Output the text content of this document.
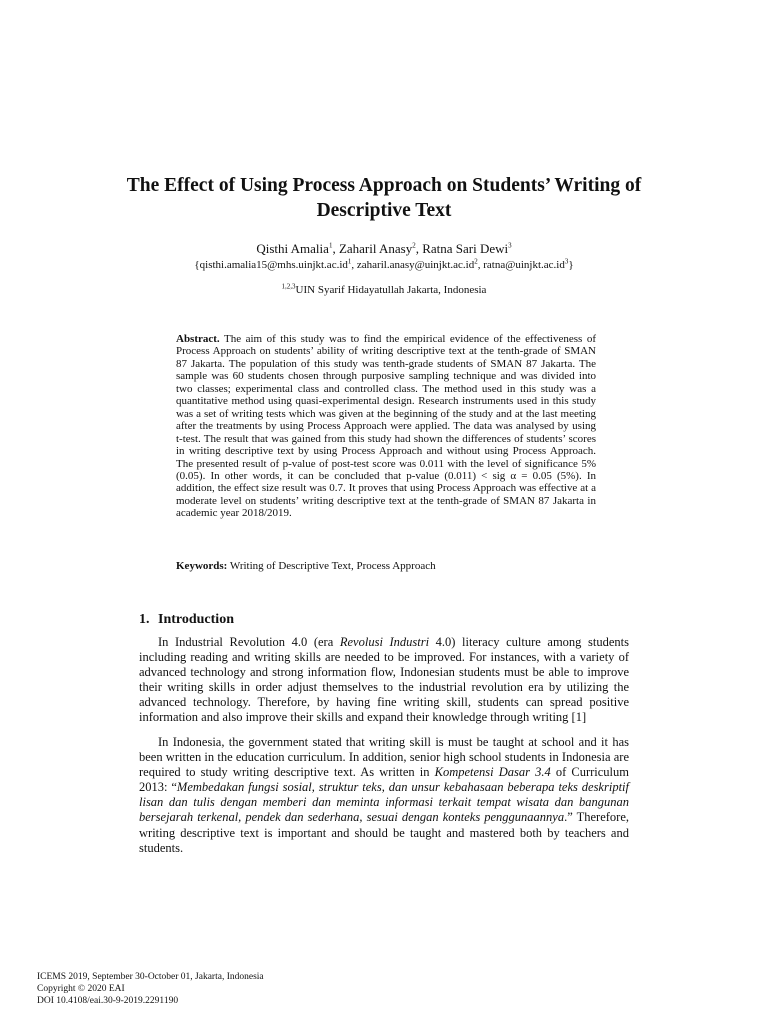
The Effect of Using Process Approach on Students’ Writing of
Descriptive Text
Qisthi Amalia$^1$, Zaharil Anasy$^2$, Ratna Sari Dewi$^3$
{$qisthi.amalia15@mhs.uinjkt.ac.id^1$, $zaharil.anasy@uinjkt.ac.id^2$, $ratna@uinjkt.ac.id^3$}
$^{1,2,3}$UIN Syarif Hidayatullah Jakarta, Indonesia
Abstract. The aim of this study was to find the empirical evidence of the effectiveness of Process Approach on students’ ability of writing descriptive text at the tenth-grade of SMAN 87 Jakarta. The population of this study was tenth-grade students of SMAN 87 Jakarta. The sample was 60 students chosen through purposive sampling technique and was divided into two classes; experimental class and controlled class. The method used in this study was a quantitative method using quasi-experimental design. Research instruments used in this study was a set of writing tests which was given at the beginning of the study and at the last meeting after the treatments by using Process Approach were applied. The data was analysed by using t-test. The result that was gained from this study had shown the differences of students’ scores in writing descriptive text by using Process Approach and without using Process Approach. The presented result of p-value of post-test score was 0.011 with the level of significance 5% (0.05). In other words, it can be concluded that p-value (0.011) < sig α = 0.05 (5%). In addition, the effect size result was 0.7. It proves that using Process Approach was effective at a moderate level on students’ writing descriptive text at the tenth-grade of SMAN 87 Jakarta in academic year 2018/2019.
Keywords: Writing of Descriptive Text, Process Approach
1. Introduction

In Industrial Revolution 4.0 (era Revolusi Industri 4.0) literacy culture among students including reading and writing skills are needed to be improved. For instances, with a variety of advanced technology and strong information flow, Indonesian students must be able to improve their writing skills in order adjust themselves to the industrial revolution era by utilizing the advanced technology. Therefore, by having fine writing skill, students can spread positive information and also improve their skills and expand their knowledge through writing [1]

In Indonesia, the government stated that writing skill is must be taught at school and it has been written in the education curriculum. In addition, senior high school students in Indonesia are required to study writing descriptive text. As written in Kompetensi Dasar 3.4 of Curriculum 2013: “Membedakan fungsi sosial, struktur teks, dan unsur kebahasaan beberapa teks deskriptif lisan dan tulis dengan memberi dan meminta informasi terkait tempat wisata dan bangunan bersejarah terkenal, pendek dan sederhana, sesuai dengan konteks penggunaannya.” Therefore, writing descriptive text is important and should be taught and mastered both by teachers and students.

ICEMS 2019, September 30-October 01, Jakarta, Indonesia
Copyright © 2020 EAI
DOI 10.4108/eai.30-9-2019.2291190
